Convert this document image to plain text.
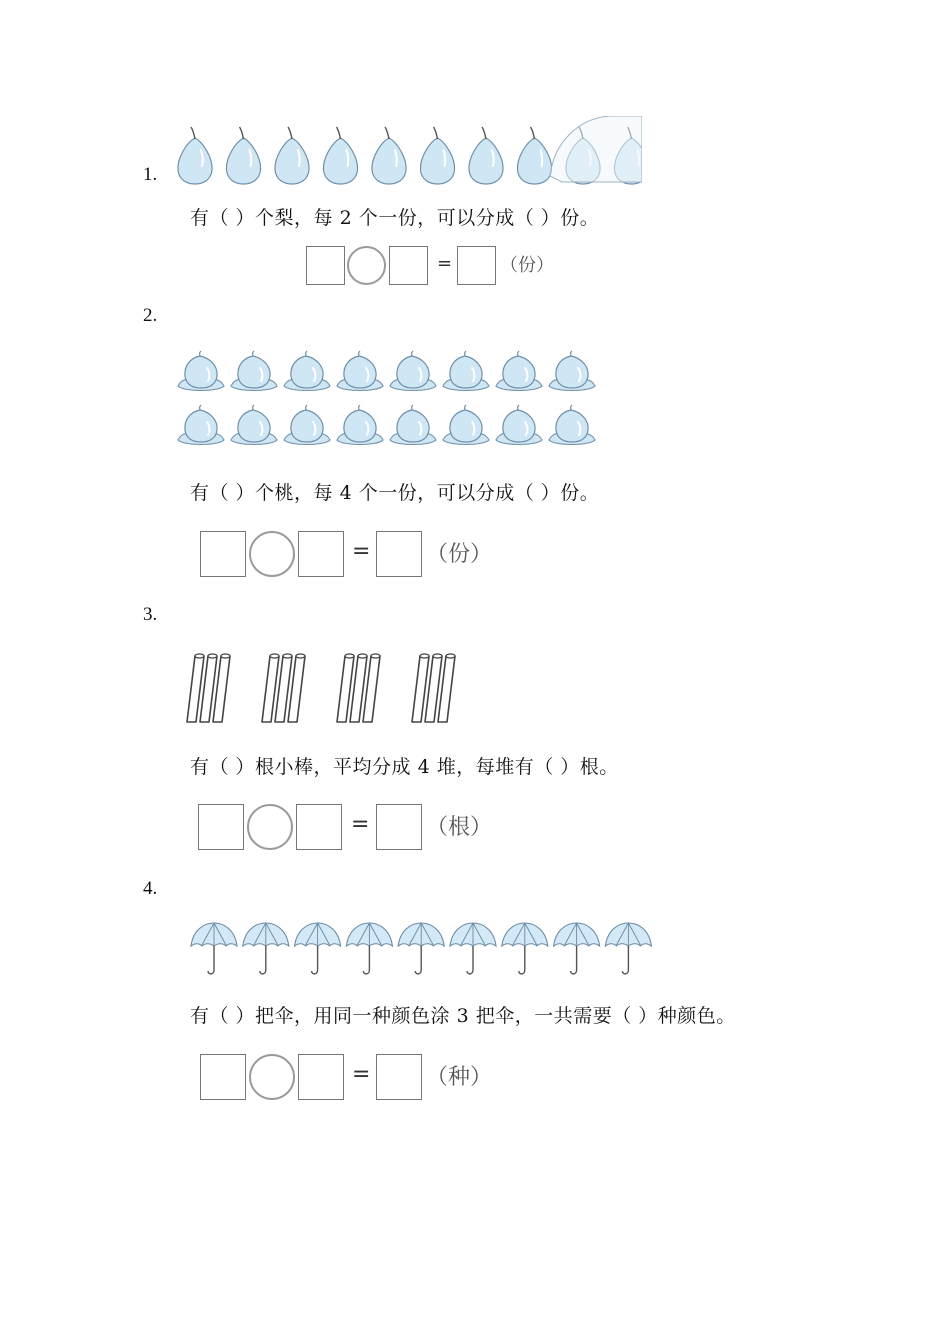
1.
有（ ）个梨，每 2 个一份，可以分成（ ）份。
=	（份）
2.
有（ ）个桃，每 4 个一份，可以分成（ ）份。
=	（份）
3.
有（ ）根小棒，平均分成 4 堆，每堆有（ ）根。
=	（根）
4.
有（ ）把伞，用同一种颜色涂 3 把伞，一共需要（ ）种颜色。
=	（种）
